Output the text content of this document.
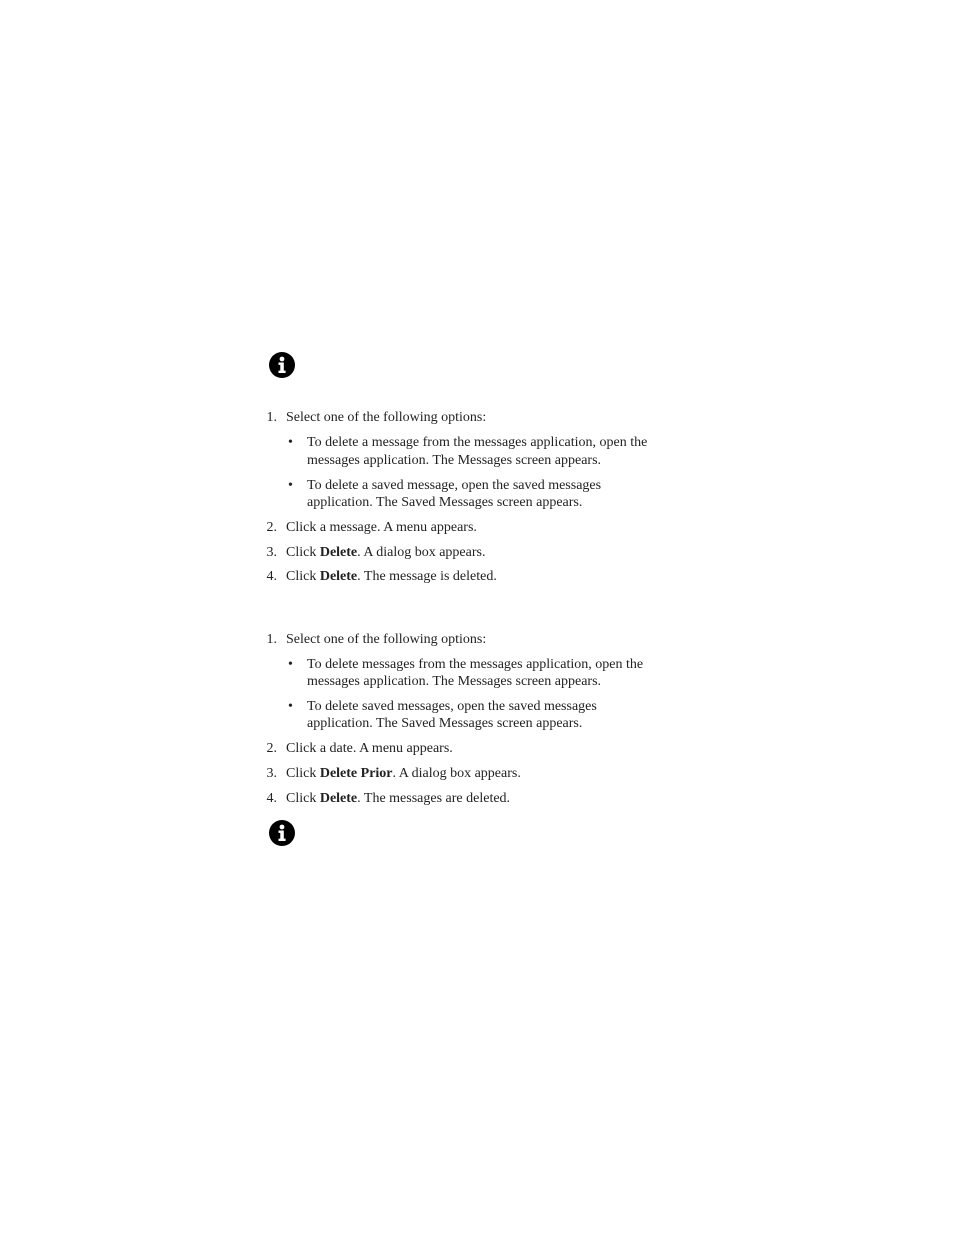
1. Select one of the following options:
• To delete a message from the messages application, open the
messages application. The Messages screen appears.
• To delete a saved message, open the saved messages
application. The Saved Messages screen appears.
2. Click a message. A menu appears.
3. Click Delete. A dialog box appears.
4. Click Delete. The message is deleted.
1. Select one of the following options:
• To delete messages from the messages application, open the
messages application. The Messages screen appears.
• To delete saved messages, open the saved messages
application. The Saved Messages screen appears.
2. Click a date. A menu appears.
3. Click Delete Prior. A dialog box appears.
4. Click Delete. The messages are deleted.
